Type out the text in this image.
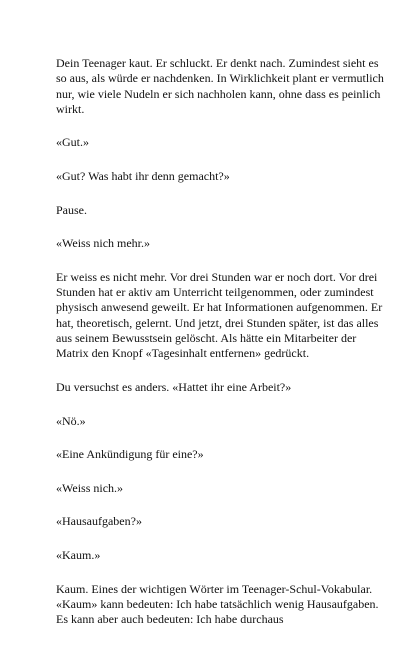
Dein Teenager kaut. Er schluckt. Er denkt nach. Zumindest sieht es so aus, als würde er nachdenken. In Wirklichkeit plant er vermutlich nur, wie viele Nudeln er sich nachholen kann, ohne dass es peinlich wirkt.

«Gut.»

«Gut? Was habt ihr denn gemacht?»

Pause.

«Weiss nich mehr.»

Er weiss es nicht mehr. Vor drei Stunden war er noch dort. Vor drei Stunden hat er aktiv am Unterricht teilgenommen, oder zumindest physisch anwesend geweilt. Er hat Informationen aufgenommen. Er hat, theoretisch, gelernt. Und jetzt, drei Stunden später, ist das alles aus seinem Bewusstsein gelöscht. Als hätte ein Mitarbeiter der Matrix den Knopf «Tagesinhalt entfernen» gedrückt.

Du versuchst es anders. «Hattet ihr eine Arbeit?»

«Nö.»

«Eine Ankündigung für eine?»

«Weiss nich.»

«Hausaufgaben?»

«Kaum.»

Kaum. Eines der wichtigen Wörter im Teenager-Schul-Vokabular. «Kaum» kann bedeuten: Ich habe tatsächlich wenig Hausaufgaben. Es kann aber auch bedeuten: Ich habe durchaus
